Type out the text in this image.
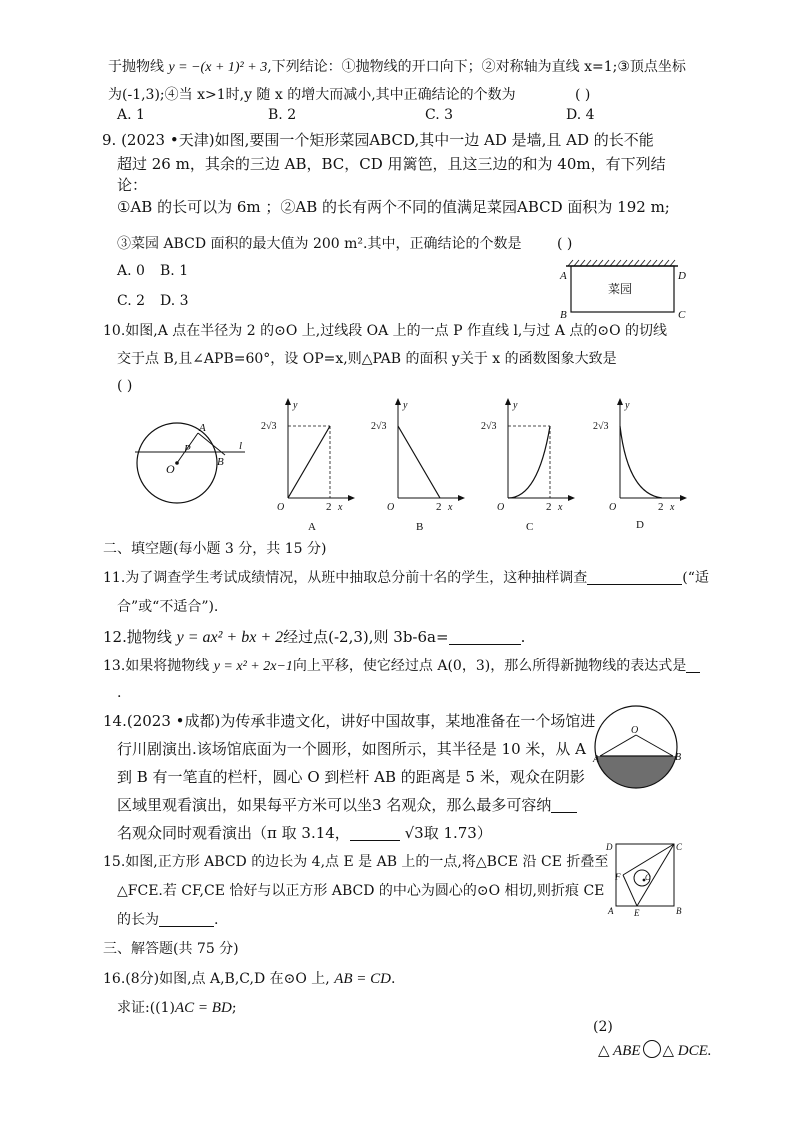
于抛物线 y = −(x + 1)² + 3,下列结论：①抛物线的开口向下；②对称轴为直线 x=1;③顶点坐标
为(-1,3);④当 x>1时,y 随 x 的增大而减小,其中正确结论的个数为	( )
A. 1	B. 2	C. 3	D. 4
9. (2023 •天津)如图,要围一个矩形菜园ABCD,其中一边 AD 是墙,且 AD 的长不能
超过 26 m，其余的三边 AB，BC，CD 用篱笆，且这三边的和为 40m，有下列结
论：
①AB 的长可以为 6m ；②AB 的长有两个不同的值满足菜园ABCD 面积为 192 m;
③菜园 ABCD 面积的最大值为 200 m².其中，正确结论的个数是	( )
A. 0 B. 1
C. 2 D. 3
A	D
B	C
菜园
10.如图,A 点在半径为 2 的⊙O 上,过线段 OA 上的一点 P 作直线 l,与过 A 点的⊙O 的切线
交于点 B,且∠APB=60°，设 OP=x,则△PAB 的面积 y关于 x 的函数图象大致是
( )
P
A
O	B
l
2√3
2
y
x
O
A
2√3
2
y
x
O
B
2√3
2
y
x
O
C
2√3
2
y
x
O
D
二、填空题(每小题 3 分，共 15 分)
11.为了调查学生考试成绩情况，从班中抽取总分前十名的学生，这种抽样调查	(“适
合”或“不适合”).
12.抛物线 y = ax² + bx + 2经过点(-2,3),则 3b-6a=	.
13.如果将抛物线 y = x² + 2x−1向上平移，使它经过点 A(0，3)，那么所得新抛物线的表达式是
.
14.(2023 •成都)为传承非遗文化，讲好中国故事，某地准备在一个场馆进
行川剧演出.该场馆底面为一个圆形，如图所示，其半径是 10 米，从 A
到 B 有一笔直的栏杆，圆心 O 到栏杆 AB 的距离是 5 米，观众在阴影
区域里观看演出，如果每平方米可以坐3 名观众，那么最多可容纳
名观众同时观看演出（π 取 3.14，	√3取 1.73）
O
A	B
15.如图,正方形 ABCD 的边长为 4,点 E 是 AB 上的一点,将△BCE 沿 CE 折叠至
△FCE.若 CF,CE 恰好与以正方形 ABCD 的中心为圆心的⊙O 相切,则折痕 CE
的长为	.
D	C
A E	B
F	O
三、解答题(共 75 分)
16.(8分)如图,点 A,B,C,D 在⊙O 上, AB = CD.
求证:((1)AC = BD;
(2)
△ ABE △ DCE.
